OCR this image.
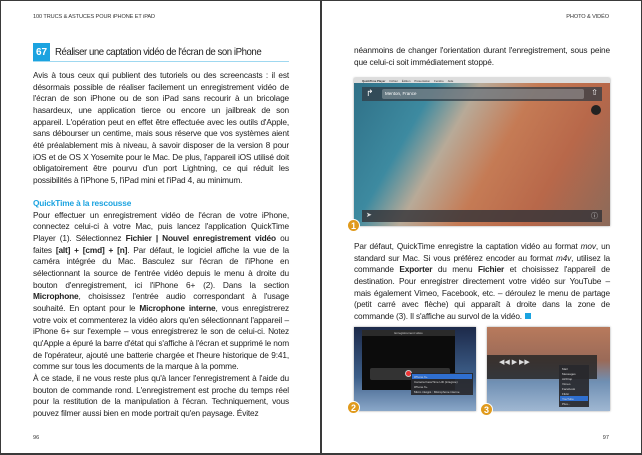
100 TRUCS & ASTUCES POUR iPHONE ET iPAD
67 Réaliser une captation vidéo de l'écran de son iPhone

Avis à tous ceux qui publient des tutoriels ou des screencasts : il est désormais possible de réaliser facilement un enregistrement vidéo de l'écran de son iPhone ou de son iPad sans recourir à un bricolage hasardeux, une application tierce ou encore un jailbreak de son appareil. L'opération peut en effet être effectuée avec les outils d'Apple, sans débourser un centime, mais sous réserve que vos systèmes aient été préalablement mis à niveau, à savoir disposer de la version 8 pour iOS et de OS X Yosemite pour le Mac. De plus, l'appareil iOS utilisé doit obligatoirement être pourvu d'un port Lightning, ce qui réduit les possibilités à l'iPhone 5, l'iPad mini et l'iPad 4, au minimum.

QuickTime à la rescousse

Pour effectuer un enregistrement vidéo de l'écran de votre iPhone, connectez celui-ci à votre Mac, puis lancez l'application QuickTime Player (1). Sélectionnez Fichier | Nouvel enregistrement vidéo ou faites [alt] + [cmd] + [n]. Par défaut, le logiciel affiche la vue de la caméra intégrée du Mac. Basculez sur l'écran de l'iPhone en sélectionnant la source de l'entrée vidéo depuis le menu à droite du bouton d'enregistrement, ici l'iPhone 6+ (2). Dans la section Microphone, choisissez l'entrée audio correspondant à l'usage souhaité. En optant pour le Microphone interne, vous enregistrerez votre voix et commenterez la vidéo alors qu'en sélectionnant l'appareil – iPhone 6+ sur l'exemple – vous enregistrerez le son de celui-ci. Notez qu'Apple a épuré la barre d'état qui s'affiche à l'écran et supprimé le nom de l'opérateur, ajouté une batterie chargée et l'heure historique de 9:41, comme sur tous les documents de la marque à la pomme.

À ce stade, il ne vous reste plus qu'à lancer l'enregistrement à l'aide du bouton de commande rond. L'enregistrement est proche du temps réel pour la restitution de la manipulation à l'écran. Techniquement, vous pouvez filmer aussi bien en mode portrait qu'en paysage. Évitez

96
PHOTO & VIDÉO
néanmoins de changer l'orientation durant l'enregistrement, sous peine que celui-ci soit immédiatement stoppé.
QuickTime Player Fichier Édition Présentation Fenêtre Aide
↱	Menton, France	⇧
➤	ⓘ
1
Par défaut, QuickTime enregistre la captation vidéo au format mov, un standard sur Mac. Si vous préférez encoder au format m4v, utilisez la commande Exporter du menu Fichier et choisissez l'appareil de destination. Pour enregistrer directement votre vidéo sur YouTube – mais également Vimeo, Facebook, etc. – déroulez le menu de partage (petit carré avec flèche) qui apparaît à droite dans la zone de commande (3). Il s'affiche au survol de la vidéo.
Enregistrement vidéo
iPhone 6+
Caméra FaceTime HD (intégrée)
iPhone 6+
Micro intégré : Microphone interne
2
◀◀ ▶ ▶▶
Mail
Messages
AirDrop
Vimeo
Facebook
Flickr
YouTube
Plus...
3
97
